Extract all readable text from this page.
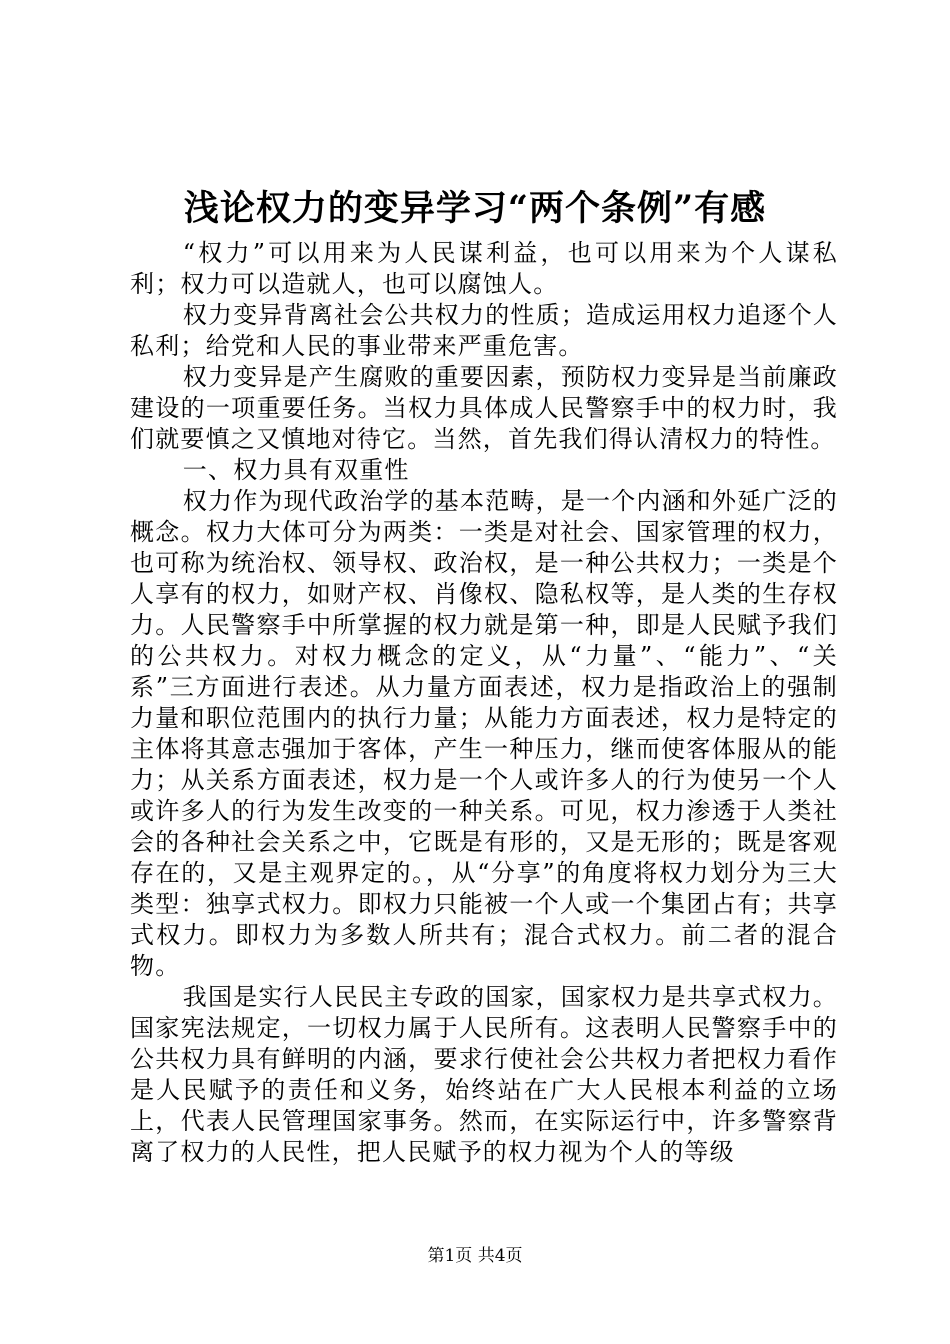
浅论权力的变异学习“两个条例”有感

“权力”可以用来为人民谋利益，也可以用来为个人谋私利；权力可以造就人，也可以腐蚀人。

权力变异背离社会公共权力的性质；造成运用权力追逐个人私利；给党和人民的事业带来严重危害。

权力变异是产生腐败的重要因素，预防权力变异是当前廉政建设的一项重要任务。当权力具体成人民警察手中的权力时，我们就要慎之又慎地对待它。当然，首先我们得认清权力的特性。

一、权力具有双重性

权力作为现代政治学的基本范畴，是一个内涵和外延广泛的概念。权力大体可分为两类：一类是对社会、国家管理的权力，也可称为统治权、领导权、政治权，是一种公共权力；一类是个人享有的权力，如财产权、肖像权、隐私权等，是人类的生存权力。人民警察手中所掌握的权力就是第一种，即是人民赋予我们的公共权力。对权力概念的定义，从“力量”、“能力”、“关系”三方面进行表述。从力量方面表述，权力是指政治上的强制力量和职位范围内的执行力量；从能力方面表述，权力是特定的主体将其意志强加于客体，产生一种压力，继而使客体服从的能力；从关系方面表述，权力是一个人或许多人的行为使另一个人或许多人的行为发生改变的一种关系。可见，权力渗透于人类社会的各种社会关系之中，它既是有形的，又是无形的；既是客观存在的，又是主观界定的。，从“分享”的角度将权力划分为三大类型：独享式权力。即权力只能被一个人或一个集团占有；共享式权力。即权力为多数人所共有；混合式权力。前二者的混合物。

我国是实行人民民主专政的国家，国家权力是共享式权力。国家宪法规定，一切权力属于人民所有。这表明人民警察手中的公共权力具有鲜明的内涵，要求行使社会公共权力者把权力看作是人民赋予的责任和义务，始终站在广大人民根本利益的立场上，代表人民管理国家事务。然而，在实际运行中，许多警察背离了权力的人民性，把人民赋予的权力视为个人的等级

第1页 共4页
